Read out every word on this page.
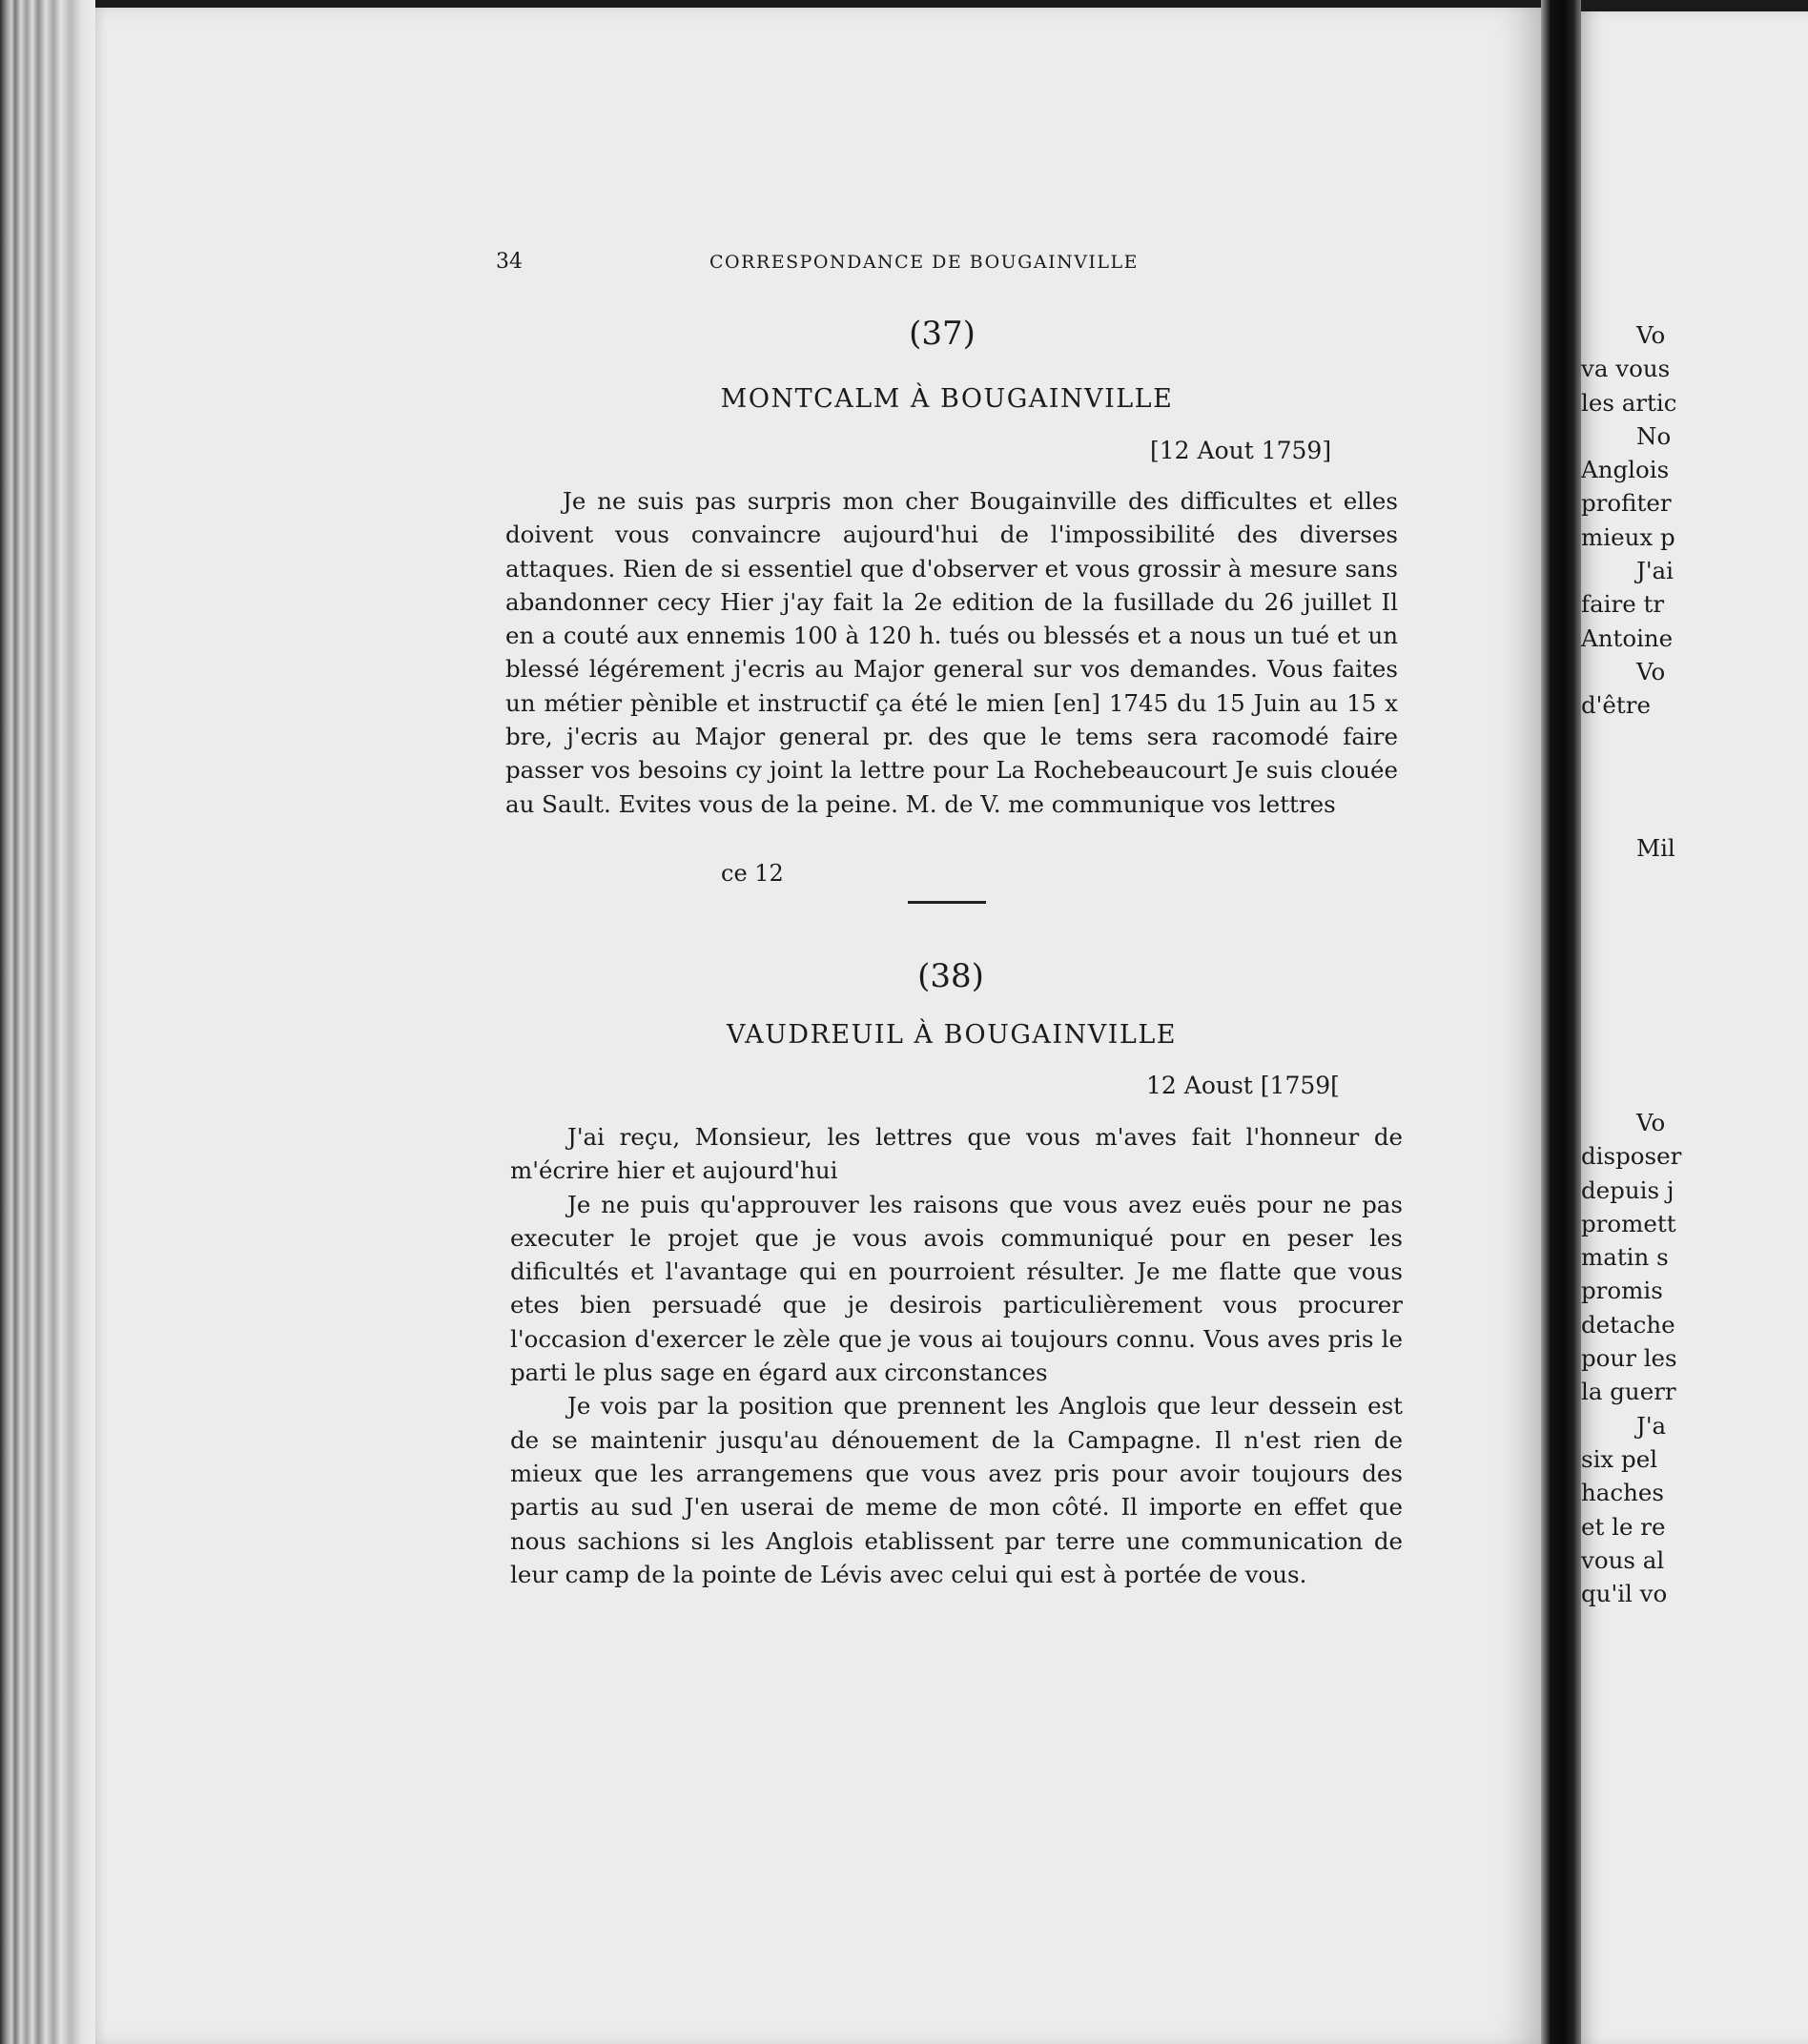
34	CORRESPONDANCE DE BOUGAINVILLE
(37)
MONTCALM À BOUGAINVILLE
[12 Aout 1759]

Je ne suis pas surpris mon cher Bougainville des difficultes et elles doivent vous convaincre aujourd'hui de l'impossibilité des diverses attaques. Rien de si essentiel que d'observer et vous grossir à mesure sans abandonner cecy Hier j'ay fait la 2e edition de la fusillade du 26 juillet Il en a couté aux ennemis 100 à 120 h. tués ou blessés et a nous un tué et un blessé légérement j'ecris au Major general sur vos demandes. Vous faites un métier pènible et instructif ça été le mien [en] 1745 du 15 Juin au 15 x bre, j'ecris au Major general pr. des que le tems sera racomodé faire passer vos besoins cy joint la lettre pour La Rochebeaucourt Je suis clouée au Sault. Evites vous de la peine. M. de V. me communique vos lettres

ce 12
(38)
VAUDREUIL À BOUGAINVILLE
12 Aoust [1759[

J'ai reçu, Monsieur, les lettres que vous m'aves fait l'honneur de m'écrire hier et aujourd'hui

Je ne puis qu'approuver les raisons que vous avez euës pour ne pas executer le projet que je vous avois communiqué pour en peser les dificultés et l'avantage qui en pourroient résulter. Je me flatte que vous etes bien persuadé que je desirois particulièrement vous procurer l'occasion d'exercer le zèle que je vous ai toujours connu. Vous aves pris le parti le plus sage en égard aux circonstances

Je vois par la position que prennent les Anglois que leur dessein est de se maintenir jusqu'au dénouement de la Campagne. Il n'est rien de mieux que les arrangemens que vous avez pris pour avoir toujours des partis au sud J'en userai de meme de mon côté. Il importe en effet que nous sachions si les Anglois etablissent par terre une communication de leur camp de la pointe de Lévis avec celui qui est à portée de vous.

Vo
va vous
les artic
No
Anglois
profiter
mieux p
J'ai
faire tr
Antoine
Vo
d'être
Mil
Vo
disposer
depuis j
promett
matin s
promis
detache
pour les
la guerr
J'a
six pel
haches
et le re
vous al
qu'il vo
